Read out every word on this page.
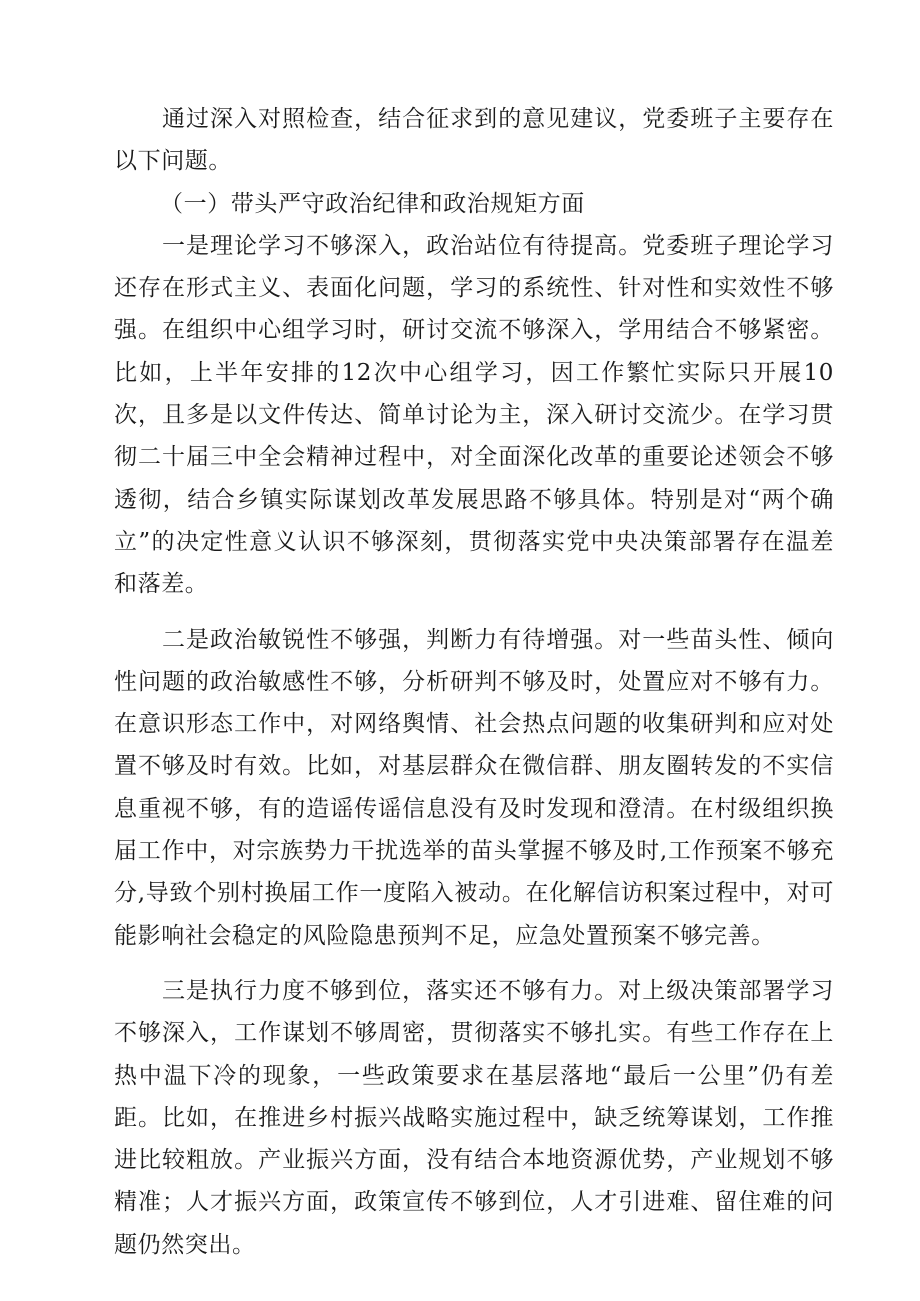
通过深入对照检查，结合征求到的意见建议，党委班子主要存在以下问题。

（一）带头严守政治纪律和政治规矩方面

一是理论学习不够深入，政治站位有待提高。党委班子理论学习还存在形式主义、表面化问题，学习的系统性、针对性和实效性不够强。在组织中心组学习时，研讨交流不够深入，学用结合不够紧密。比如，上半年安排的12次中心组学习，因工作繁忙实际只开展10次，且多是以文件传达、简单讨论为主，深入研讨交流少。在学习贯彻二十届三中全会精神过程中，对全面深化改革的重要论述领会不够透彻，结合乡镇实际谋划改革发展思路不够具体。特别是对“两个确立”的决定性意义认识不够深刻，贯彻落实党中央决策部署存在温差和落差。

二是政治敏锐性不够强，判断力有待增强。对一些苗头性、倾向性问题的政治敏感性不够，分析研判不够及时，处置应对不够有力。在意识形态工作中，对网络舆情、社会热点问题的收集研判和应对处置不够及时有效。比如，对基层群众在微信群、朋友圈转发的不实信息重视不够，有的造谣传谣信息没有及时发现和澄清。在村级组织换届工作中，对宗族势力干扰选举的苗头掌握不够及时,工作预案不够充分,导致个别村换届工作一度陷入被动。在化解信访积案过程中，对可能影响社会稳定的风险隐患预判不足，应急处置预案不够完善。

三是执行力度不够到位，落实还不够有力。对上级决策部署学习不够深入，工作谋划不够周密，贯彻落实不够扎实。有些工作存在上热中温下冷的现象，一些政策要求在基层落地“最后一公里”仍有差距。比如，在推进乡村振兴战略实施过程中，缺乏统筹谋划，工作推进比较粗放。产业振兴方面，没有结合本地资源优势，产业规划不够精准；人才振兴方面，政策宣传不够到位，人才引进难、留住难的问题仍然突出。
